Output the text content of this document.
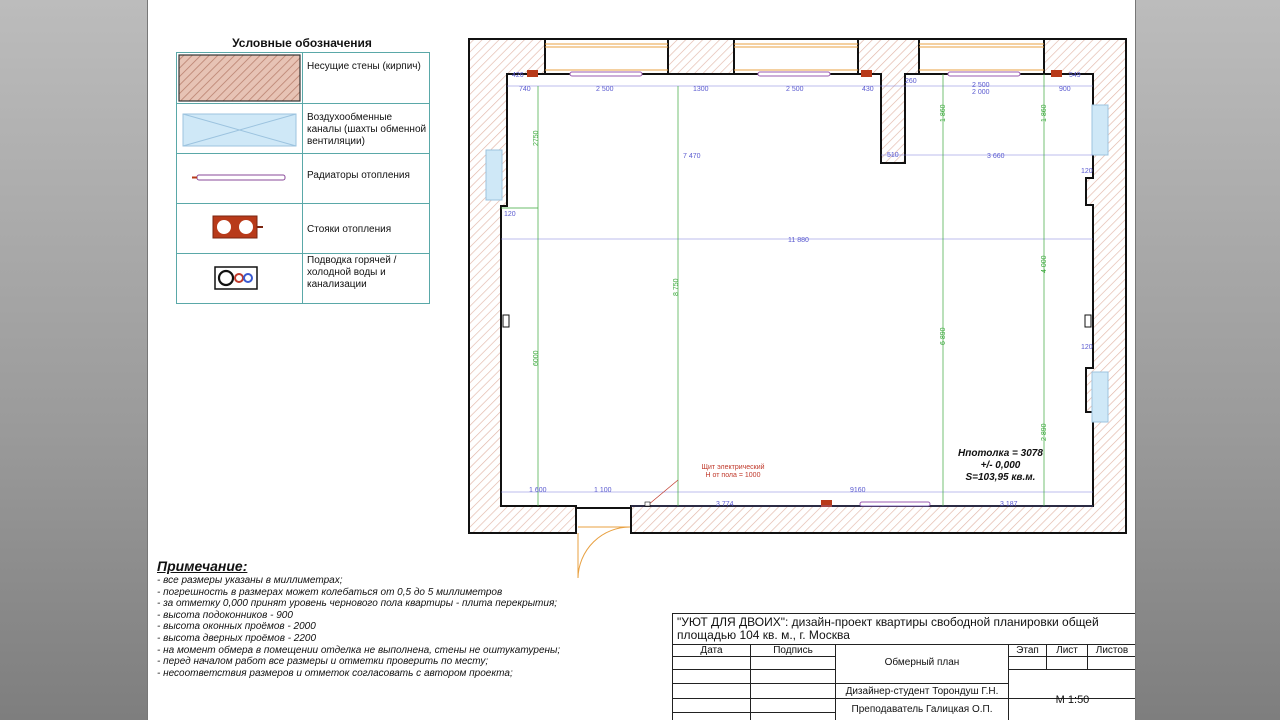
Условные обозначения
Несущие стены (кирпич)
Воздухообменные каналы (шахты обменной вентиляции)
Радиаторы отопления
Стояки отопления
Подводка горячей / холодной воды и канализации
426
740	2 500	1300	2 500	430
260
2 500
2 000	900
549
7 470	510	3 660
120
120
120
11 880
1 600	1 100	9160
3 774	3 187
2750
8 750
6000
1 860	1 860
6 890
4 000
2 890
Щит электрический
Н от пола = 1000
Hпотолка = 3078
+/- 0,000
S=103,95 кв.м.
Примечание:
- все размеры указаны в миллиметрах;
- погрешность в размерах может колебаться от 0,5 до 5 миллиметров
- за отметку 0,000 принят уровень чернового пола квартиры - плита перекрытия;
- высота подоконников - 900
- высота оконных проёмов - 2000
- высота дверных проёмов - 2200
- на момент обмера в помещении отделка не выполнена, стены не оштукатурены;
- перед началом работ все размеры и отметки проверить по месту;
- несоответствия размеров и отметок согласовать с автором проекта;
"УЮТ ДЛЯ ДВОИХ": дизайн-проект квартиры свободной планировки общей площадью 104 кв. м., г. Москва
Дата	Подпись
Обмерный план
Этап	Лист	Листов
Дизайнер-студент Торондуш Г.Н.
Преподаватель Галицкая О.П.
М 1:50
